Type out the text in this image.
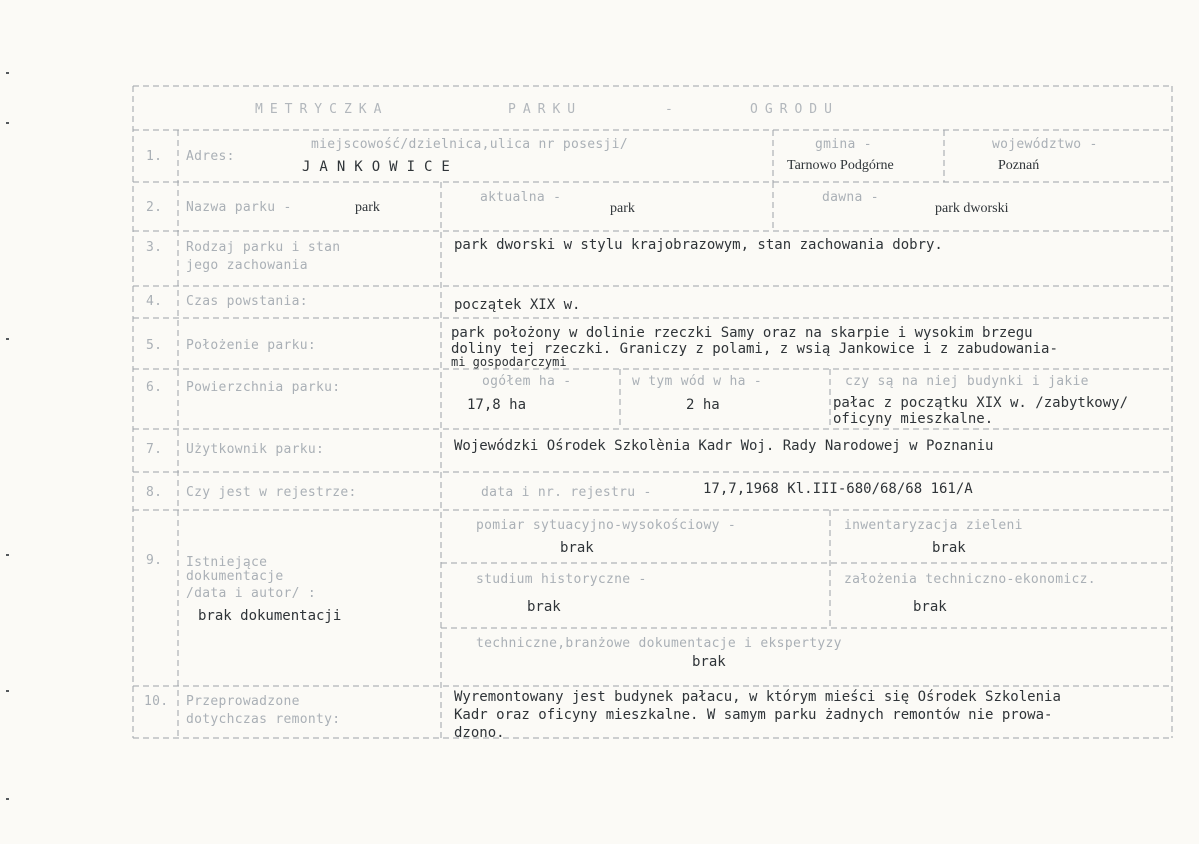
METRYCZKA	PARKU	-	OGRODU
1. Adres:
miejscowość/dzielnica,ulica nr posesji/
JANKOWICE
gmina -
Tarnowo Podgórne
województwo -
Poznań
2. Nazwa parku -	park
aktualna -
park
dawna -
park dworski
3. Rodzaj parku i stan
jego zachowania
park dworski w stylu krajobrazowym, stan zachowania dobry.
4. Czas powstania:	początek XIX w.
5. Położenie parku:
park położony w dolinie rzeczki Samy oraz na skarpie i wysokim brzegu
doliny tej rzeczki. Graniczy z polami, z wsią Jankowice i z zabudowania-
mi gospodarczymi
6. Powierzchnia parku:	ogółem ha -
17,8 ha
w tym wód w ha -
2 ha
czy są na niej budynki i jakie
pałac z początku XIX w. /zabytkowy/
oficyny mieszkalne.
7. Użytkownik parku:	Wojewódzki Ośrodek Szkolènia Kadr Woj. Rady Narodowej w Poznaniu
8. Czy jest w rejestrze:	data i nr. rejestru -	17,7,1968 Kl.III-680/68/68 161/A
9. Istniejące
dokumentacje
/data i autor/ :
brak dokumentacji
pomiar sytuacyjno-wysokościowy -
brak
inwentaryzacja zieleni
brak
studium historyczne -
brak
założenia techniczno-ekonomicz.
brak
techniczne,branżowe dokumentacje i ekspertyzy
brak
10. Przeprowadzone
dotychczas remonty:
Wyremontowany jest budynek pałacu, w którym mieści się Ośrodek Szkolenia
Kadr oraz oficyny mieszkalne. W samym parku żadnych remontów nie prowa-
dzono.
